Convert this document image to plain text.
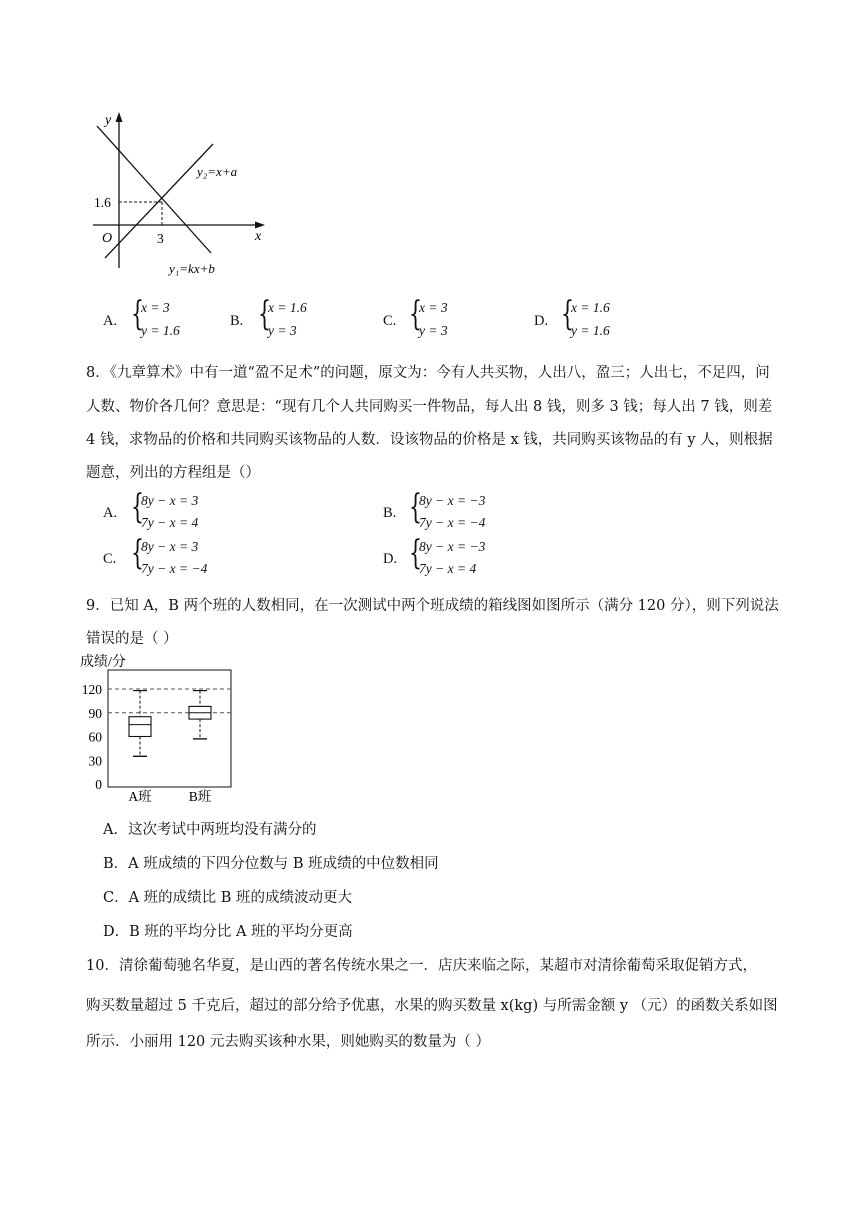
y
x
O
1.6
3
y₂=x+a
y₁=kx+b
A. {
x = 3
y = 1.6
B. {
x = 1.6
y = 3
C. {
x = 3
y = 3
D. {
x = 1.6
y = 1.6
8．《九章算术》中有一道“盈不足术”的问题，原文为：今有人共买物，人出八，盈三；人出七，不足四，问
人数、物价各几何？意思是：“现有几个人共同购买一件物品，每人出 8 钱，则多 3 钱；每人出 7 钱，则差
4 钱，求物品的价格和共同购买该物品的人数．设该物品的价格是 x 钱，共同购买该物品的有 y 人，则根据
题意，列出的方程组是（）
A. {
8y − x = 3
7y − x = 4
B. {
8y − x = −3
7y − x = −4
C. {
8y − x = 3
7y − x = −4
D. {
8y − x = −3
7y − x = 4
9．已知 A，B 两个班的人数相同，在一次测试中两个班成绩的箱线图如图所示（满分 120 分），则下列说法
错误的是（ ）
成绩/分
120
90
60
30
0
A班	B班
A．这次考试中两班均没有满分的
B．A 班成绩的下四分位数与 B 班成绩的中位数相同
C．A 班的成绩比 B 班的成绩波动更大
D．B 班的平均分比 A 班的平均分更高
10．清徐葡萄驰名华夏，是山西的著名传统水果之一．店庆来临之际，某超市对清徐葡萄采取促销方式，
购买数量超过 5 千克后，超过的部分给予优惠，水果的购买数量 x(kg) 与所需金额 y （元）的函数关系如图
所示．小丽用 120 元去购买该种水果，则她购买的数量为（ ）
